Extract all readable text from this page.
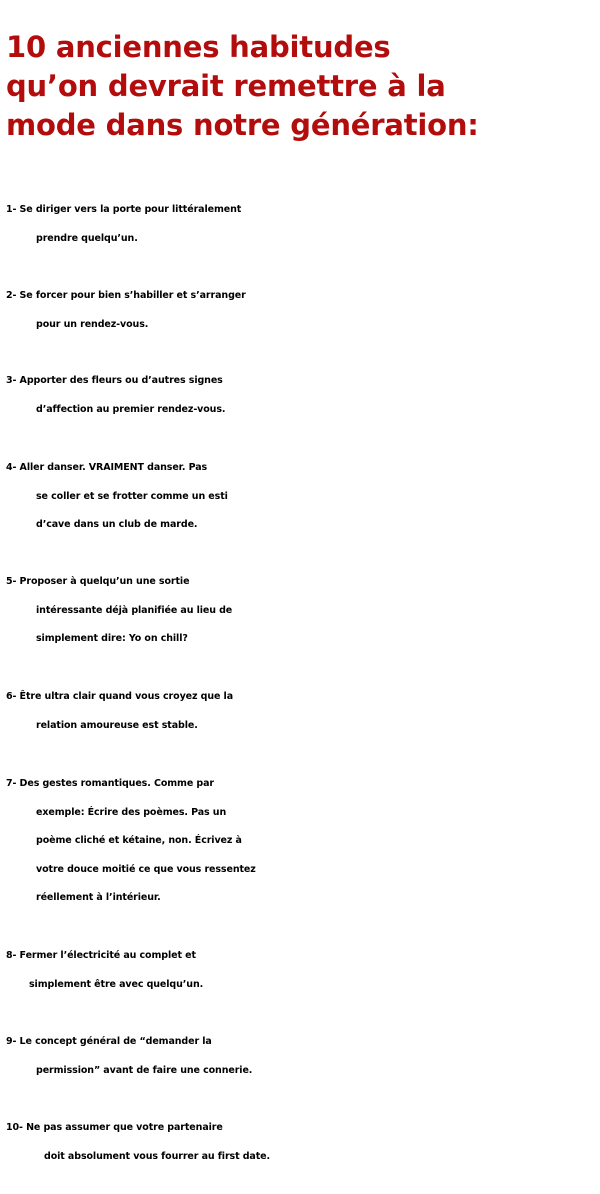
10 anciennes habitudes
qu’on devrait remettre à la
mode dans notre génération:
1- Se diriger vers la porte pour littéralement
prendre quelqu’un.
2- Se forcer pour bien s’habiller et s’arranger
pour un rendez-vous.
3- Apporter des fleurs ou d’autres signes
d’affection au premier rendez-vous.
4- Aller danser. VRAIMENT danser. Pas
se coller et se frotter comme un esti
d’cave dans un club de marde.
5- Proposer à quelqu’un une sortie
intéressante déjà planifiée au lieu de
simplement dire: Yo on chill?
6- Être ultra clair quand vous croyez que la
relation amoureuse est stable.
7- Des gestes romantiques. Comme par
exemple: Écrire des poèmes. Pas un
poème cliché et kétaine, non. Écrivez à
votre douce moitié ce que vous ressentez
réellement à l’intérieur.
8- Fermer l’électricité au complet et
simplement être avec quelqu’un.
9- Le concept général de “demander la
permission” avant de faire une connerie.
10- Ne pas assumer que votre partenaire
doit absolument vous fourrer au first date.
